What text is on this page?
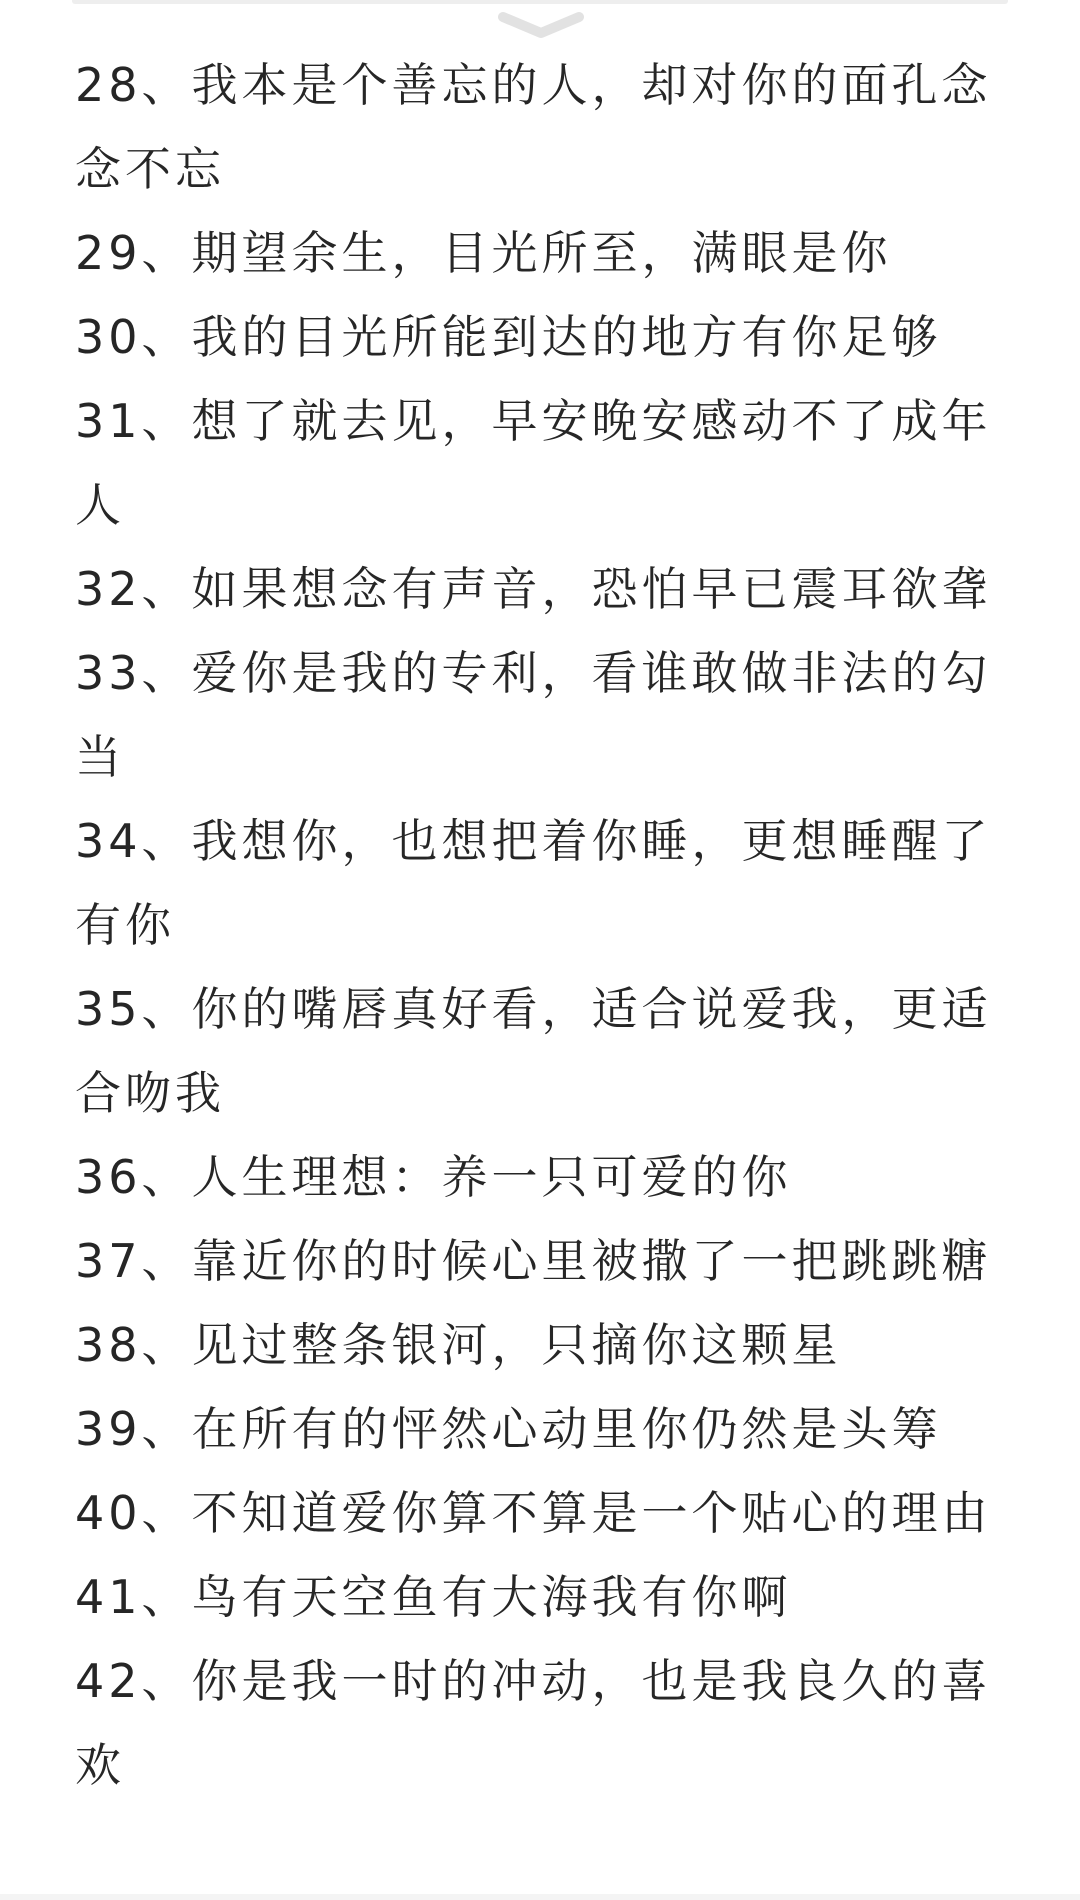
28、我本是个善忘的人，却对你的面孔念念不忘
29、期望余生，目光所至，满眼是你
30、我的目光所能到达的地方有你足够
31、想了就去见，早安晚安感动不了成年人
32、如果想念有声音，恐怕早已震耳欲聋
33、爱你是我的专利，看谁敢做非法的勾当
34、我想你，也想把着你睡，更想睡醒了有你
35、你的嘴唇真好看，适合说爱我，更适合吻我
36、人生理想：养一只可爱的你
37、靠近你的时候心里被撒了一把跳跳糖
38、见过整条银河，只摘你这颗星
39、在所有的怦然心动里你仍然是头筹
40、不知道爱你算不算是一个贴心的理由
41、鸟有天空鱼有大海我有你啊
42、你是我一时的冲动，也是我良久的喜欢
